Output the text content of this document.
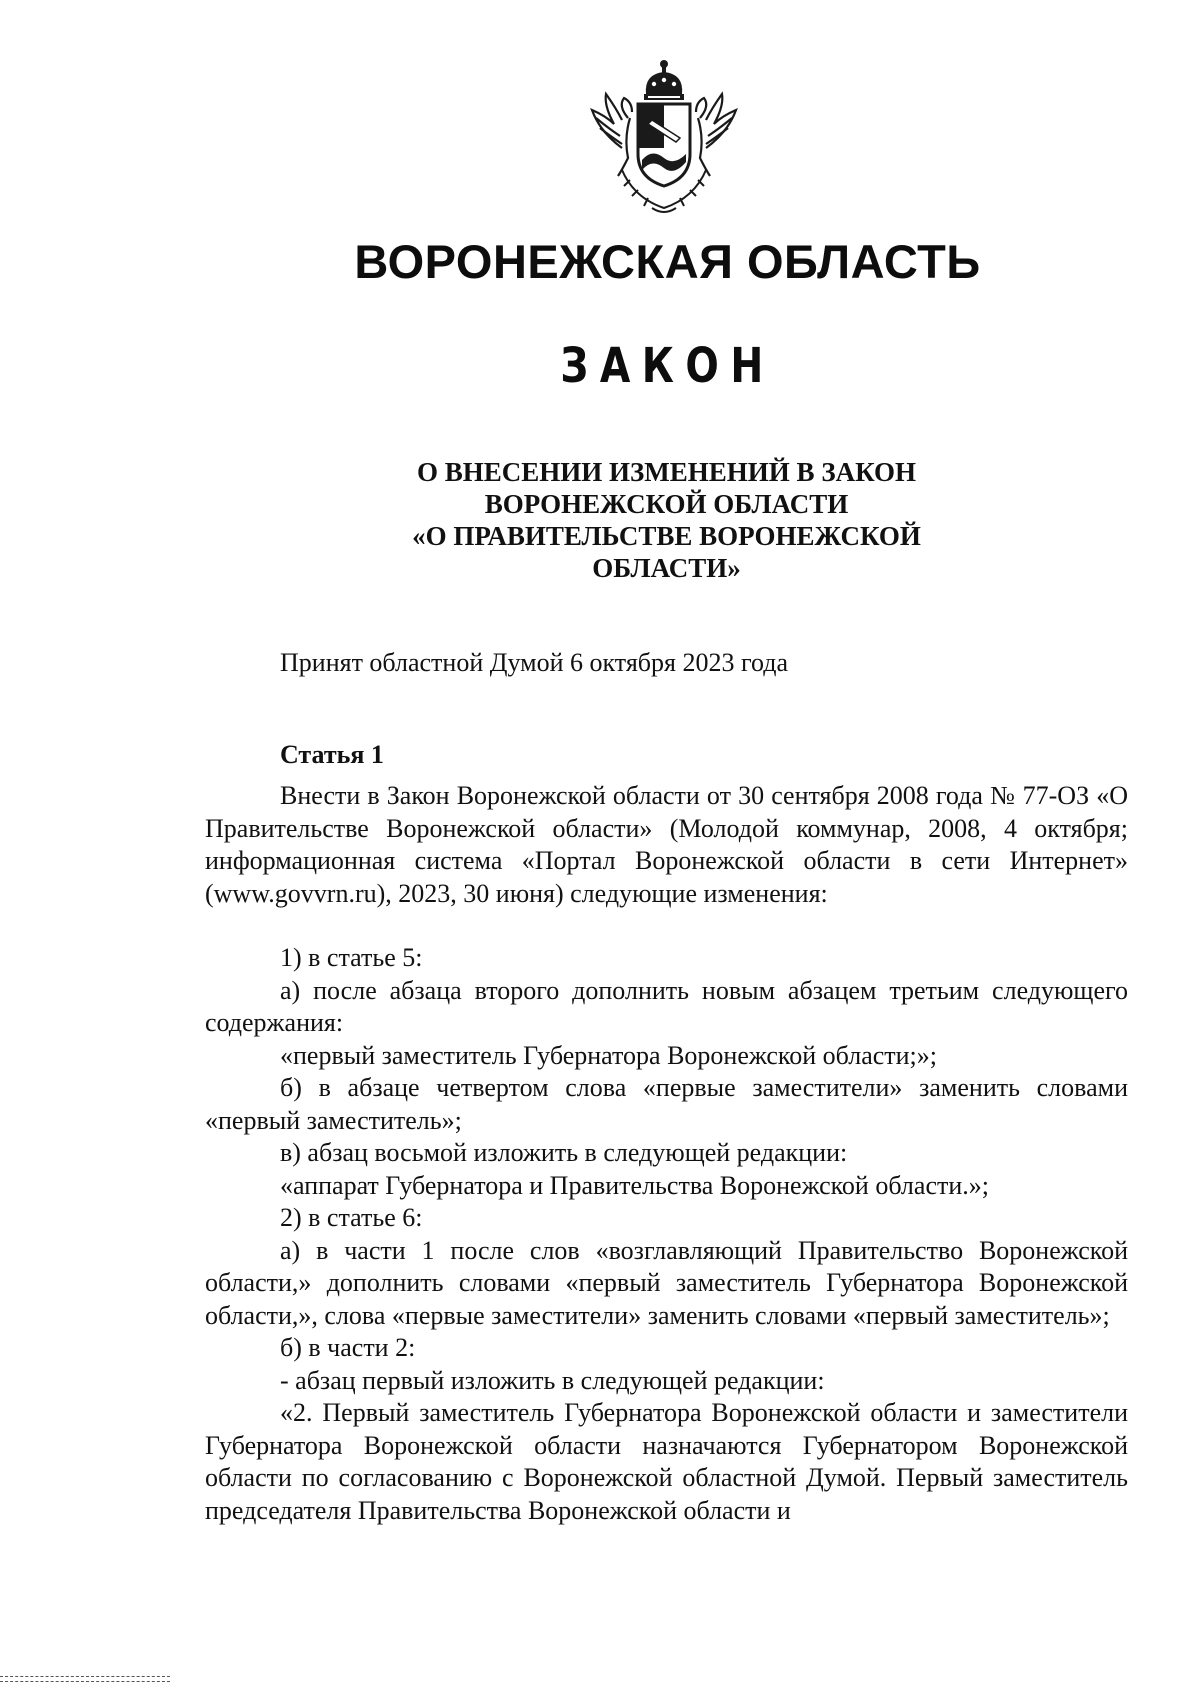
ВОРОНЕЖСКАЯ ОБЛАСТЬ
ЗАКОН
О ВНЕСЕНИИ ИЗМЕНЕНИЙ В ЗАКОН
ВОРОНЕЖСКОЙ ОБЛАСТИ
«О ПРАВИТЕЛЬСТВЕ ВОРОНЕЖСКОЙ
ОБЛАСТИ»
Принят областной Думой 6 октября 2023 года
Статья 1

Внести в Закон Воронежской области от 30 сентября 2008 года № 77-ОЗ «О Правительстве Воронежской области» (Молодой коммунар, 2008, 4 октября; информационная система «Портал Воронежской области в сети Интернет» (www.govvrn.ru), 2023, 30 июня) следующие изменения:

1) в статье 5:

а) после абзаца второго дополнить новым абзацем третьим следующего содержания:

«первый заместитель Губернатора Воронежской области;»;

б) в абзаце четвертом слова «первые заместители» заменить словами «первый заместитель»;

в) абзац восьмой изложить в следующей редакции:

«аппарат Губернатора и Правительства Воронежской области.»;

2) в статье 6:

а) в части 1 после слов «возглавляющий Правительство Воронежской области,» дополнить словами «первый заместитель Губернатора Воронежской области,», слова «первые заместители» заменить словами «первый заместитель»;

б) в части 2:

- абзац первый изложить в следующей редакции:

«2. Первый заместитель Губернатора Воронежской области и заместители Губернатора Воронежской области назначаются Губернатором Воронежской области по согласованию с Воронежской областной Думой. Первый заместитель председателя Правительства Воронежской области и
